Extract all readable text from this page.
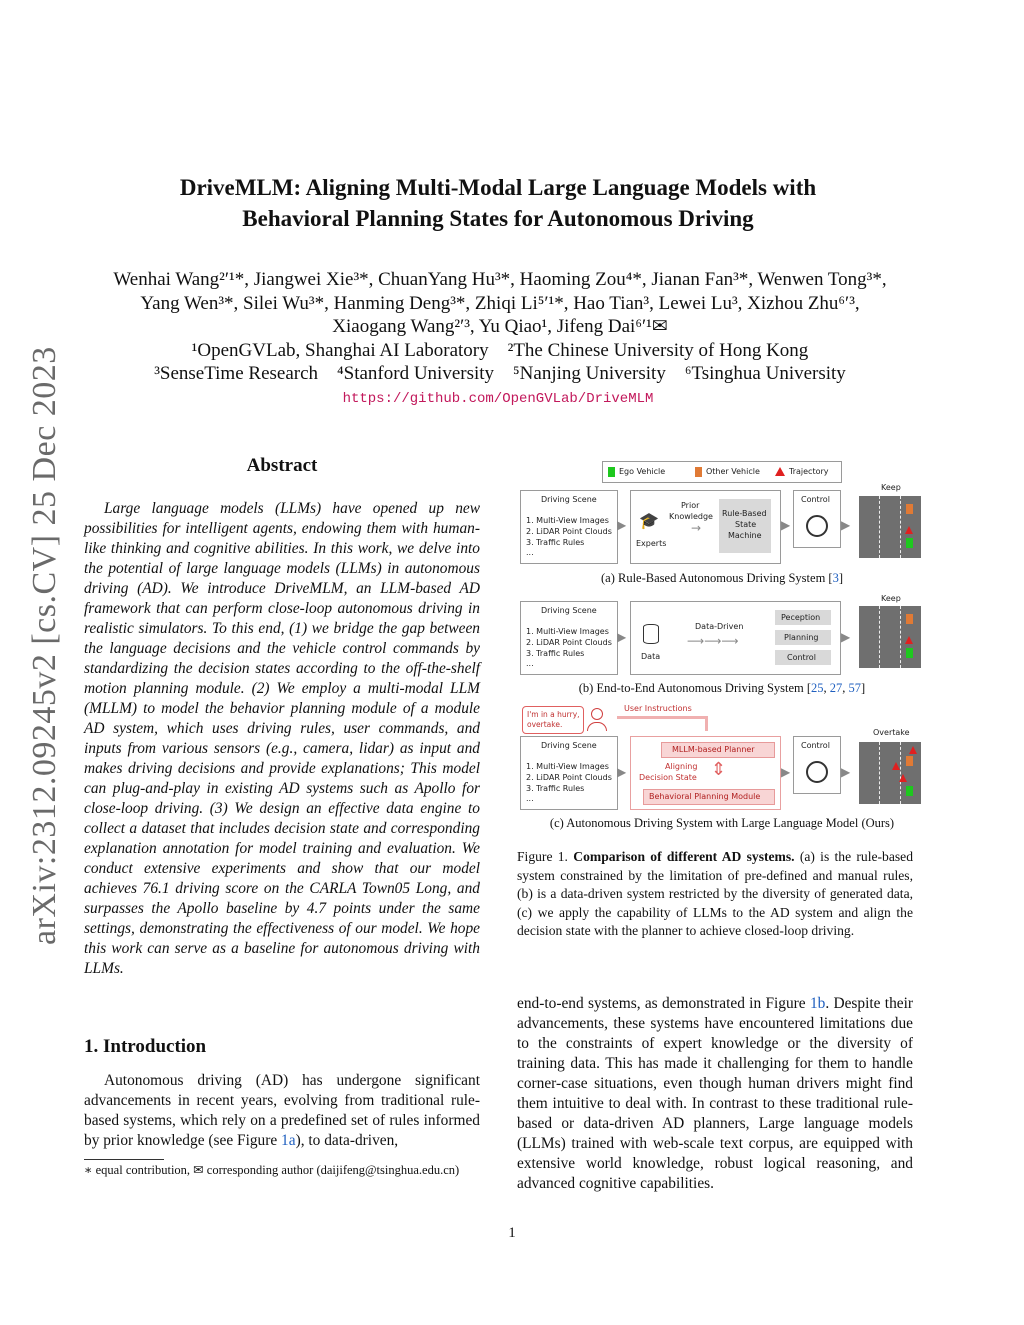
arXiv:2312.09245v2 [cs.CV] 25 Dec 2023
DriveMLM: Aligning Multi-Modal Large Language Models with
Behavioral Planning States for Autonomous Driving
Wenhai Wang²ʹ¹*, Jiangwei Xie³*, ChuanYang Hu³*, Haoming Zou⁴*, Jianan Fan³*, Wenwen Tong³*,
Yang Wen³*, Silei Wu³*, Hanming Deng³*, Zhiqi Li⁵ʹ¹*, Hao Tian³, Lewei Lu³, Xizhou Zhu⁶ʹ³,
Xiaogang Wang²ʹ³, Yu Qiao¹, Jifeng Dai⁶ʹ¹✉
¹OpenGVLab, Shanghai AI Laboratory    ²The Chinese University of Hong Kong
³SenseTime Research    ⁴Stanford University    ⁵Nanjing University    ⁶Tsinghua University
https://github.com/OpenGVLab/DriveMLM
Abstract
Large language models (LLMs) have opened up new possibilities for intelligent agents, endowing them with human-like thinking and cognitive abilities. In this work, we delve into the potential of large language models (LLMs) in autonomous driving (AD). We introduce DriveMLM, an LLM-based AD framework that can perform close-loop autonomous driving in realistic simulators. To this end, (1) we bridge the gap between the language decisions and the vehicle control commands by standardizing the decision states according to the off-the-shelf motion planning module. (2) We employ a multi-modal LLM (MLLM) to model the behavior planning module of a module AD system, which uses driving rules, user commands, and inputs from various sensors (e.g., camera, lidar) as input and makes driving decisions and provide explanations; This model can plug-and-play in existing AD systems such as Apollo for close-loop driving. (3) We design an effective data engine to collect a dataset that includes decision state and corresponding explanation annotation for model training and evaluation. We conduct extensive experiments and show that our model achieves 76.1 driving score on the CARLA Town05 Long, and surpasses the Apollo baseline by 4.7 points under the same settings, demonstrating the effectiveness of our model. We hope this work can serve as a baseline for autonomous driving with LLMs.
1. Introduction
Autonomous driving (AD) has undergone significant advancements in recent years, evolving from traditional rule-based systems, which rely on a predefined set of rules informed by prior knowledge (see Figure 1a), to data-driven,
∗ equal contribution, ✉ corresponding author (daijifeng@tsinghua.edu.cn)
Ego Vehicle	Other Vehicle	Trajectory
Driving Scene
1. Multi-View Images
2. LiDAR Point Clouds
3. Traffic Rules
...
▶ 🎓
Experts
Prior
Knowledge
→
Rule-Based
State
Machine
▶
Control
▶
Keep
(a) Rule-Based Autonomous Driving System [3]
Driving Scene
1. Multi-View Images
2. LiDAR Point Clouds
3. Traffic Rules
...
▶
Data
Data-Driven
⟶⟶⟶
Peception
Planning
Control
▶
Keep
(b) End-to-End Autonomous Driving System [25, 27, 57]
I'm in a hurry,
overtake.
User Instructions
Driving Scene
1. Multi-View Images
2. LiDAR Point Clouds
3. Traffic Rules
...
▶
MLLM-based Planner
Aligning
Decision State ⇕
Behavioral Planning Module
▶
Control
▶
Overtake
(c) Autonomous Driving System with Large Language Model (Ours)
Figure 1. Comparison of different AD systems. (a) is the rule-based system constrained by the limitation of pre-defined and manual rules, (b) is a data-driven system restricted by the diversity of generated data, (c) we apply the capability of LLMs to the AD system and align the decision state with the planner to achieve closed-loop driving.
end-to-end systems, as demonstrated in Figure 1b. Despite their advancements, these systems have encountered limitations due to the constraints of expert knowledge or the diversity of training data. This has made it challenging for them to handle corner-case situations, even though human drivers might find them intuitive to deal with. In contrast to these traditional rule-based or data-driven AD planners, Large language models (LLMs) trained with web-scale text corpus, are equipped with extensive world knowledge, robust logical reasoning, and advanced cognitive capabilities.
1
